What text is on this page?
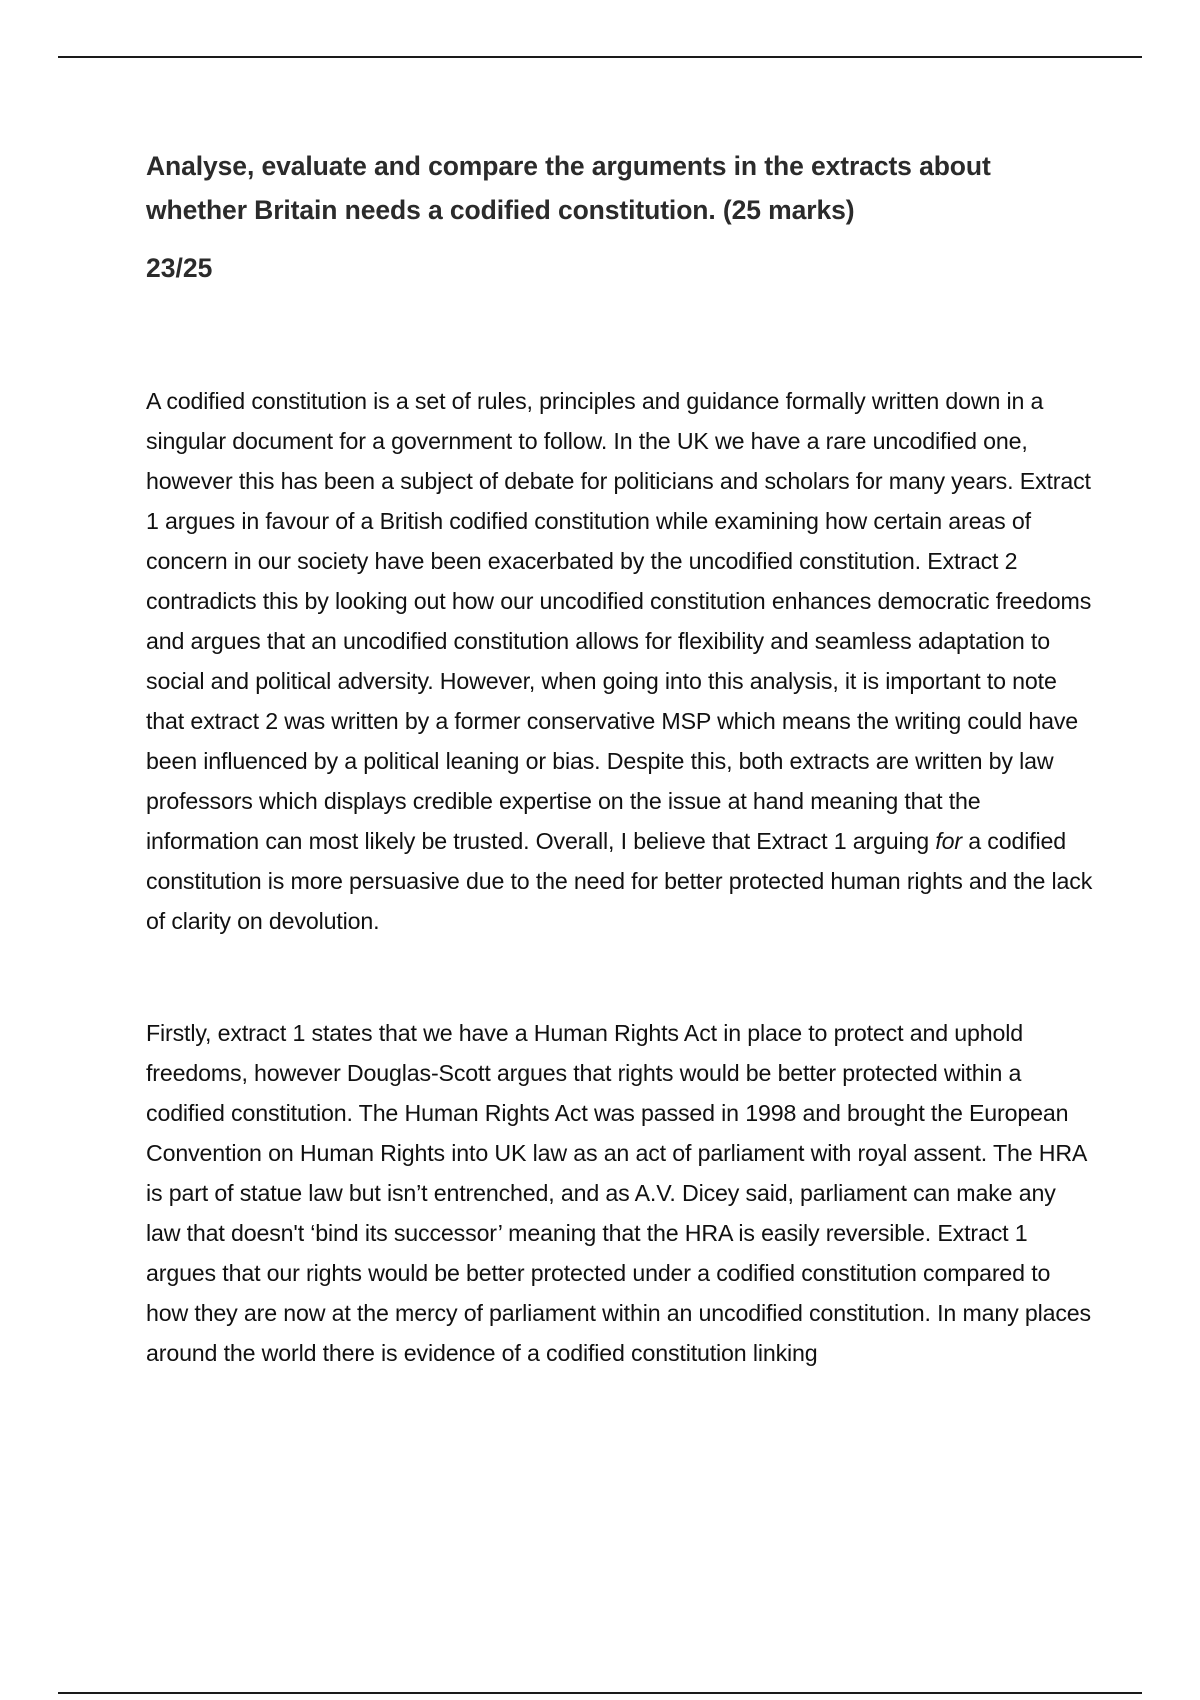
Analyse, evaluate and compare the arguments in the extracts about whether Britain needs a codified constitution. (25 marks)
23/25

A codified constitution is a set of rules, principles and guidance formally written down in a singular document for a government to follow. In the UK we have a rare uncodified one, however this has been a subject of debate for politicians and scholars for many years. Extract 1 argues in favour of a British codified constitution while examining how certain areas of concern in our society have been exacerbated by the uncodified constitution. Extract 2 contradicts this by looking out how our uncodified constitution enhances democratic freedoms and argues that an uncodified constitution allows for flexibility and seamless adaptation to social and political adversity. However, when going into this analysis, it is important to note that extract 2 was written by a former conservative MSP which means the writing could have been influenced by a political leaning or bias. Despite this, both extracts are written by law professors which displays credible expertise on the issue at hand meaning that the information can most likely be trusted. Overall, I believe that Extract 1 arguing for a codified constitution is more persuasive due to the need for better protected human rights and the lack of clarity on devolution.

Firstly, extract 1 states that we have a Human Rights Act in place to protect and uphold freedoms, however Douglas-Scott argues that rights would be better protected within a codified constitution. The Human Rights Act was passed in 1998 and brought the European Convention on Human Rights into UK law as an act of parliament with royal assent. The HRA is part of statue law but isn’t entrenched, and as A.V. Dicey said, parliament can make any law that doesn't ‘bind its successor’ meaning that the HRA is easily reversible. Extract 1 argues that our rights would be better protected under a codified constitution compared to how they are now at the mercy of parliament within an uncodified constitution. In many places around the world there is evidence of a codified constitution linking
